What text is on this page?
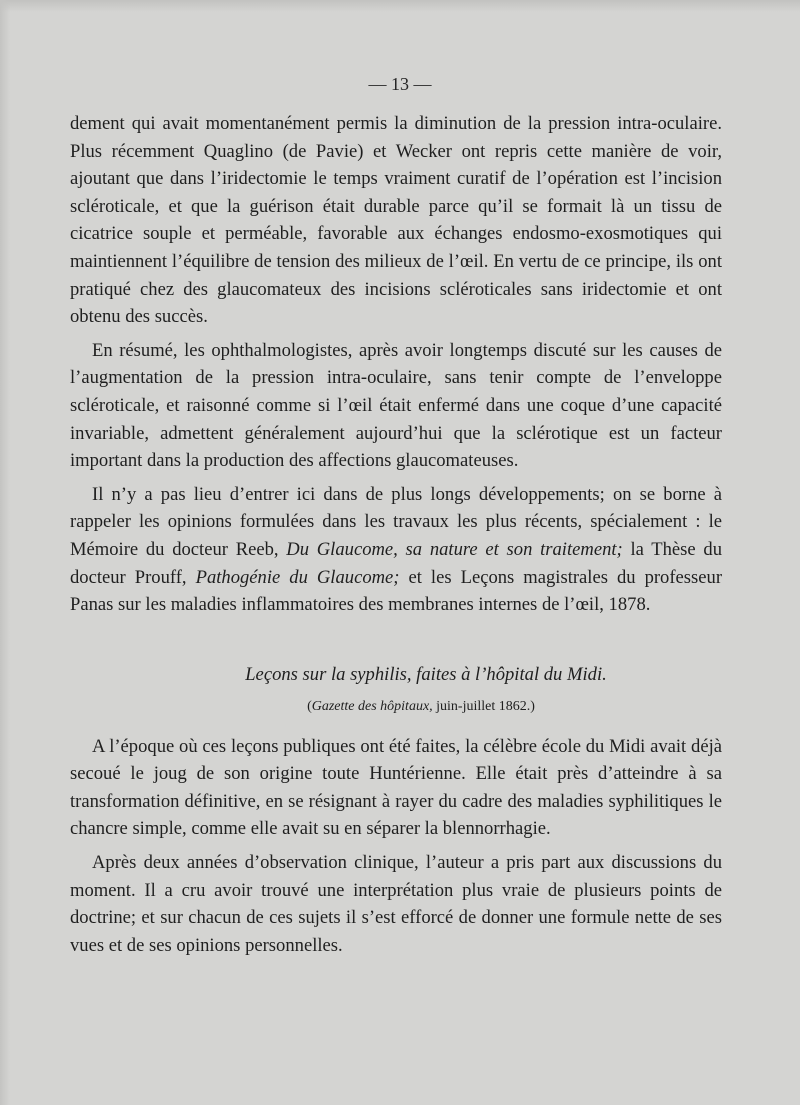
— 13 —

dement qui avait momentanément permis la diminution de la pression intra-oculaire. Plus récemment Quaglino (de Pavie) et Wecker ont repris cette manière de voir, ajoutant que dans l’iridectomie le temps vraiment curatif de l’opération est l’incision scléroticale, et que la guérison était durable parce qu’il se formait là un tissu de cicatrice souple et perméable, favorable aux échanges endosmo-exosmotiques qui maintiennent l’équilibre de tension des milieux de l’œil. En vertu de ce principe, ils ont pratiqué chez des glaucomateux des incisions scléroticales sans iridectomie et ont obtenu des succès.

En résumé, les ophthalmologistes, après avoir longtemps discuté sur les causes de l’augmentation de la pression intra-oculaire, sans tenir compte de l’enveloppe scléroticale, et raisonné comme si l’œil était enfermé dans une coque d’une capacité invariable, admettent généralement aujourd’hui que la sclérotique est un facteur important dans la production des affections glaucomateuses.

Il n’y a pas lieu d’entrer ici dans de plus longs développements; on se borne à rappeler les opinions formulées dans les travaux les plus récents, spécialement : le Mémoire du docteur Reeb, Du Glaucome, sa nature et son traitement; la Thèse du docteur Prouff, Pathogénie du Glaucome; et les Leçons magistrales du professeur Panas sur les maladies inflammatoires des membranes internes de l’œil, 1878.

Leçons sur la syphilis, faites à l’hôpital du Midi.
(Gazette des hôpitaux, juin-juillet 1862.)

A l’époque où ces leçons publiques ont été faites, la célèbre école du Midi avait déjà secoué le joug de son origine toute Huntérienne. Elle était près d’atteindre à sa transformation définitive, en se résignant à rayer du cadre des maladies syphilitiques le chancre simple, comme elle avait su en séparer la blennorrhagie.

Après deux années d’observation clinique, l’auteur a pris part aux discussions du moment. Il a cru avoir trouvé une interprétation plus vraie de plusieurs points de doctrine; et sur chacun de ces sujets il s’est efforcé de donner une formule nette de ses vues et de ses opinions personnelles.
